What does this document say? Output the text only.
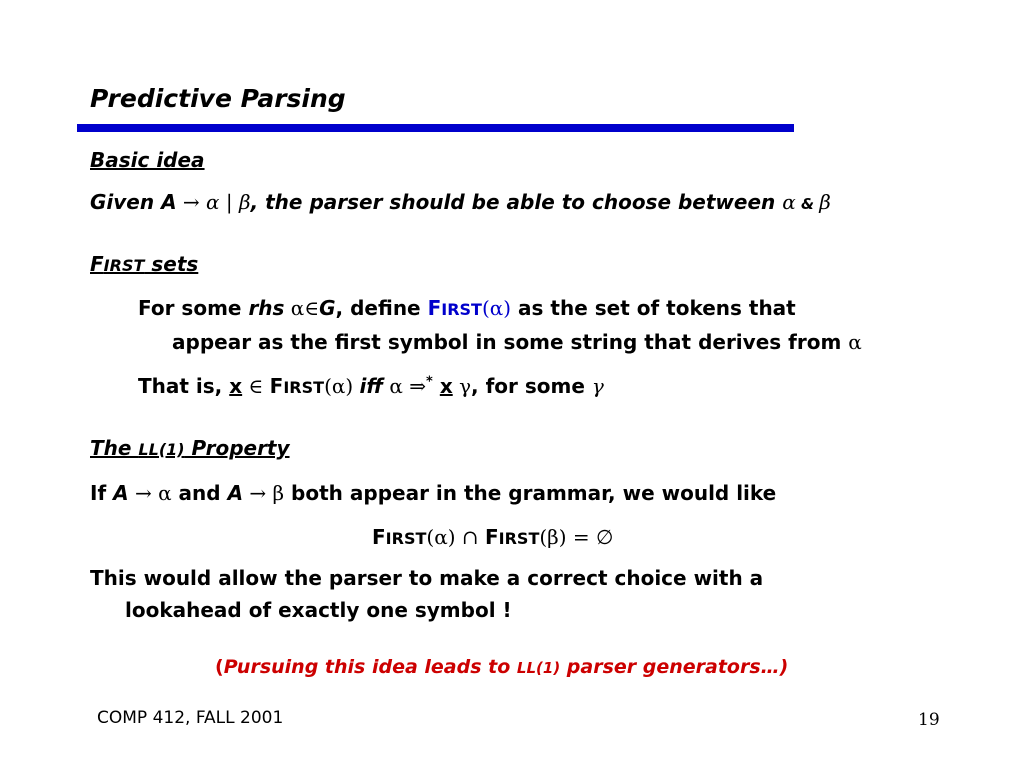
Predictive Parsing
Basic idea
Given A → α | β, the parser should be able to choose between α & β
FIRST sets
For some rhs α∈G, define FIRST(α) as the set of tokens that
appear as the first symbol in some string that derives from α
That is, x ∈ FIRST(α) iff α ⇒* x γ, for some γ
The LL(1) Property
If A → α and A → β both appear in the grammar, we would like
FIRST(α) ∩ FIRST(β) = ∅
This would allow the parser to make a correct choice with a
lookahead of exactly one symbol !
(Pursuing this idea leads to LL(1) parser generators…)
COMP 412, FALL 2001	19
